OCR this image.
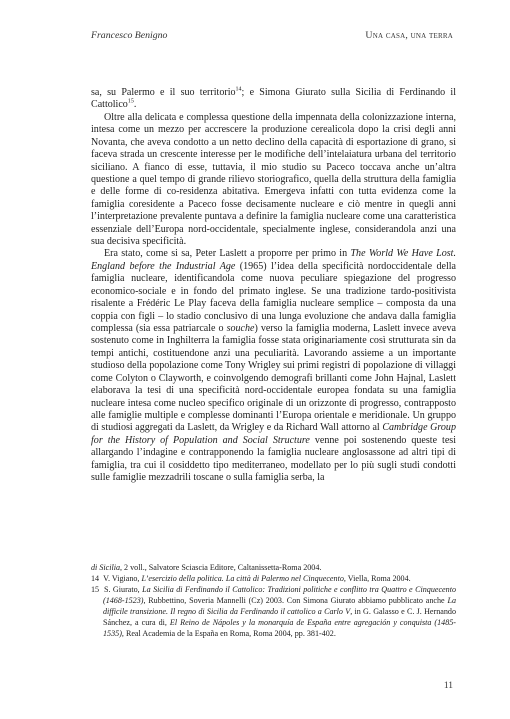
Francesco Benigno	Una casa, una terra

sa, su Palermo e il suo territorio$^{14}$; e Simona Giurato sulla Sicilia di Ferdinando il Cattolico$^{15}$.

Oltre alla delicata e complessa questione della impennata della colonizzazione interna, intesa come un mezzo per accrescere la produzione cerealicola dopo la crisi degli anni Novanta, che aveva condotto a un netto declino della capacità di esportazione di grano, si faceva strada un crescente interesse per le modifiche dell’intelaiatura urbana del territorio siciliano. A fianco di esse, tuttavia, il mio studio su Paceco toccava anche un’altra questione a quel tempo di grande rilievo storiografico, quella della struttura della famiglia e delle forme di co-residenza abitativa. Emergeva infatti con tutta evidenza come la famiglia coresidente a Paceco fosse decisamente nucleare e ciò mentre in quegli anni l’interpretazione prevalente puntava a definire la famiglia nucleare come una caratteristica essenziale dell’Europa nord-occidentale, specialmente inglese, considerandola anzi una sua decisiva specificità.

Era stato, come si sa, Peter Laslett a proporre per primo in The World We Have Lost. England before the Industrial Age (1965) l’idea della specificità nordoccidentale della famiglia nucleare, identificandola come nuova peculiare spiegazione del progresso economico-sociale e in fondo del primato inglese. Se una tradizione tardo-positivista risalente a Frédéric Le Play faceva della famiglia nucleare semplice – composta da una coppia con figli – lo stadio conclusivo di una lunga evoluzione che andava dalla famiglia complessa (sia essa patriarcale o souche) verso la famiglia moderna, Laslett invece aveva sostenuto come in Inghilterra la famiglia fosse stata originariamente così strutturata sin da tempi antichi, costituendone anzi una peculiarità. Lavorando assieme a un importante studioso della popolazione come Tony Wrigley sui primi registri di popolazione di villaggi come Colyton o Clayworth, e coinvolgendo demografi brillanti come John Hajnal, Laslett elaborava la tesi di una specificità nord-occidentale europea fondata su una famiglia nucleare intesa come nucleo specifico originale di un orizzonte di progresso, contrapposto alle famiglie multiple e complesse dominanti l’Europa orientale e meridionale. Un gruppo di studiosi aggregati da Laslett, da Wrigley e da Richard Wall attorno al Cambridge Group for the History of Population and Social Structure venne poi sostenendo queste tesi allargando l’indagine e contrapponendo la famiglia nucleare anglosassone ad altri tipi di famiglia, tra cui il cosiddetto tipo mediterraneo, modellato per lo più sugli studi condotti sulle famiglie mezzadrili toscane o sulla famiglia serba, la

di Sicilia, 2 voll., Salvatore Sciascia Editore, Caltanissetta-Roma 2004.

14 V. Vigiano, L’esercizio della politica. La città di Palermo nel Cinquecento, Viella, Roma 2004.

15 S. Giurato, La Sicilia di Ferdinando il Cattolico: Tradizioni politiche e conflitto tra Quattro e Cinquecento (1468-1523), Rubbettino, Soveria Mannelli (Cz) 2003. Con Simona Giurato abbiamo pubblicato anche La difficile transizione. Il regno di Sicilia da Ferdinando il cattolico a Carlo V, in G. Galasso e C. J. Hernando Sánchez, a cura di, El Reino de Nápoles y la monarquía de España entre agregación y conquista (1485-1535), Real Academia de la España en Roma, Roma 2004, pp. 381-402.

11
